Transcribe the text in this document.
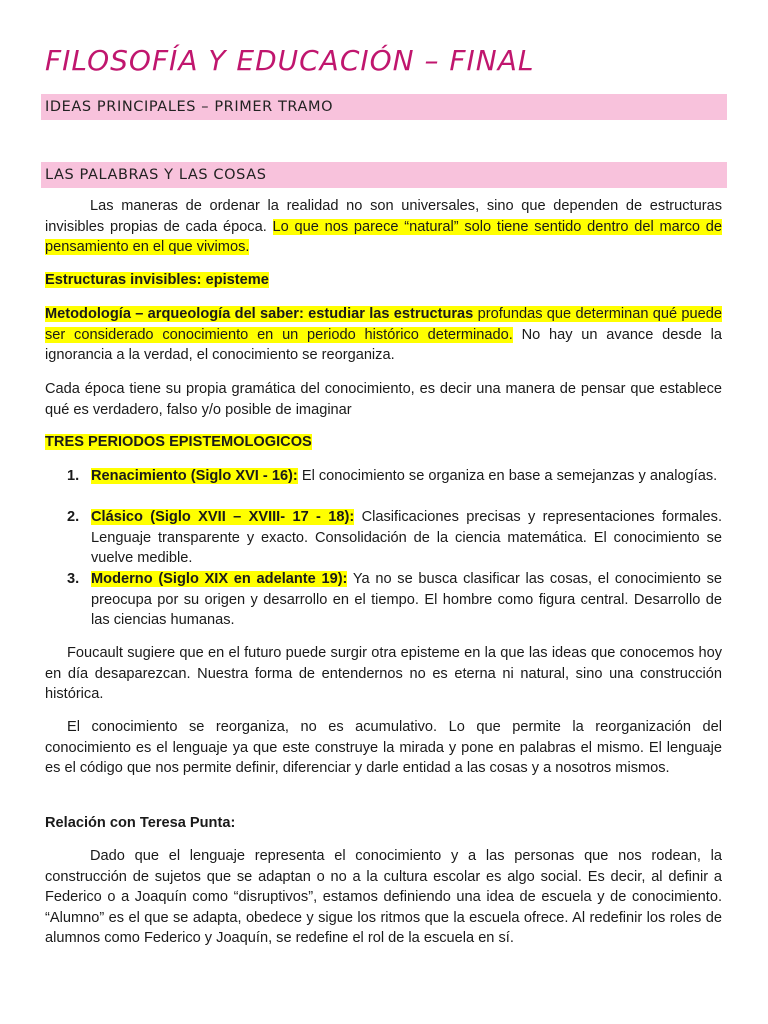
FILOSOFÍA Y EDUCACIÓN – FINAL
IDEAS PRINCIPALES – PRIMER TRAMO
LAS PALABRAS Y LAS COSAS

Las maneras de ordenar la realidad no son universales, sino que dependen de estructuras invisibles propias de cada época. Lo que nos parece “natural” solo tiene sentido dentro del marco de pensamiento en el que vivimos.

Estructuras invisibles: episteme

Metodología – arqueología del saber: estudiar las estructuras profundas que determinan qué puede ser considerado conocimiento en un periodo histórico determinado. No hay un avance desde la ignorancia a la verdad, el conocimiento se reorganiza.

Cada época tiene su propia gramática del conocimiento, es decir una manera de pensar que establece qué es verdadero, falso y/o posible de imaginar

TRES PERIODOS EPISTEMOLOGICOS

1. Renacimiento (Siglo XVI - 16): El conocimiento se organiza en base a semejanzas y analogías.
2. Clásico (Siglo XVII – XVIII- 17 - 18): Clasificaciones precisas y representaciones formales. Lenguaje transparente y exacto. Consolidación de la ciencia matemática. El conocimiento se vuelve medible.
3. Moderno (Siglo XIX en adelante 19): Ya no se busca clasificar las cosas, el conocimiento se preocupa por su origen y desarrollo en el tiempo. El hombre como figura central. Desarrollo de las ciencias humanas.

Foucault sugiere que en el futuro puede surgir otra episteme en la que las ideas que conocemos hoy en día desaparezcan. Nuestra forma de entendernos no es eterna ni natural, sino una construcción histórica.

El conocimiento se reorganiza, no es acumulativo. Lo que permite la reorganización del conocimiento es el lenguaje ya que este construye la mirada y pone en palabras el mismo. El lenguaje es el código que nos permite definir, diferenciar y darle entidad a las cosas y a nosotros mismos.

Relación con Teresa Punta:

Dado que el lenguaje representa el conocimiento y a las personas que nos rodean, la construcción de sujetos que se adaptan o no a la cultura escolar es algo social. Es decir, al definir a Federico o a Joaquín como “disruptivos”, estamos definiendo una idea de escuela y de conocimiento. “Alumno” es el que se adapta, obedece y sigue los ritmos que la escuela ofrece. Al redefinir los roles de alumnos como Federico y Joaquín, se redefine el rol de la escuela en sí.
